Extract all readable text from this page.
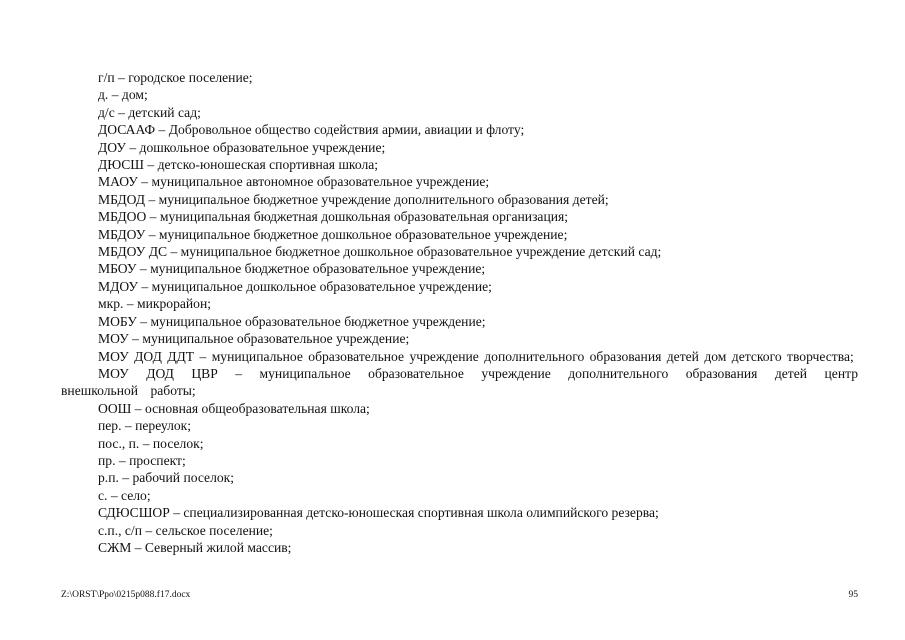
г/п – городское поселение;

д. – дом;

д/с – детский сад;

ДОСААФ – Добровольное общество содействия армии, авиации и флоту;

ДОУ – дошкольное образовательное учреждение;

ДЮСШ – детско-юношеская спортивная школа;

МАОУ – муниципальное автономное образовательное учреждение;

МБДОД – муниципальное бюджетное учреждение дополнительного образования детей;

МБДОО – муниципальная бюджетная дошкольная образовательная организация;

МБДОУ – муниципальное бюджетное дошкольное образовательное учреждение;

МБДОУ ДС – муниципальное бюджетное дошкольное образовательное учреждение детский сад;

МБОУ – муниципальное бюджетное образовательное учреждение;

МДОУ – муниципальное дошкольное образовательное учреждение;

мкр. – микрорайон;

МОБУ – муниципальное образовательное бюджетное учреждение;

МОУ – муниципальное образовательное учреждение;

МОУ ДОД ДДТ – муниципальное образовательное учреждение дополнительного образования детей дом детского творчества;

МОУ ДОД ЦВР – муниципальное образовательное учреждение дополнительного образования детей центр внешкольной работы;

ООШ – основная общеобразовательная школа;

пер. – переулок;

пос., п. – поселок;

пр. – проспект;

р.п. – рабочий поселок;

с. – село;

СДЮСШОР – специализированная детско-юношеская спортивная школа олимпийского резерва;

с.п., с/п – сельское поселение;

СЖМ – Северный жилой массив;

Z:\ORST\Ppo\0215p088.f17.docx	95
